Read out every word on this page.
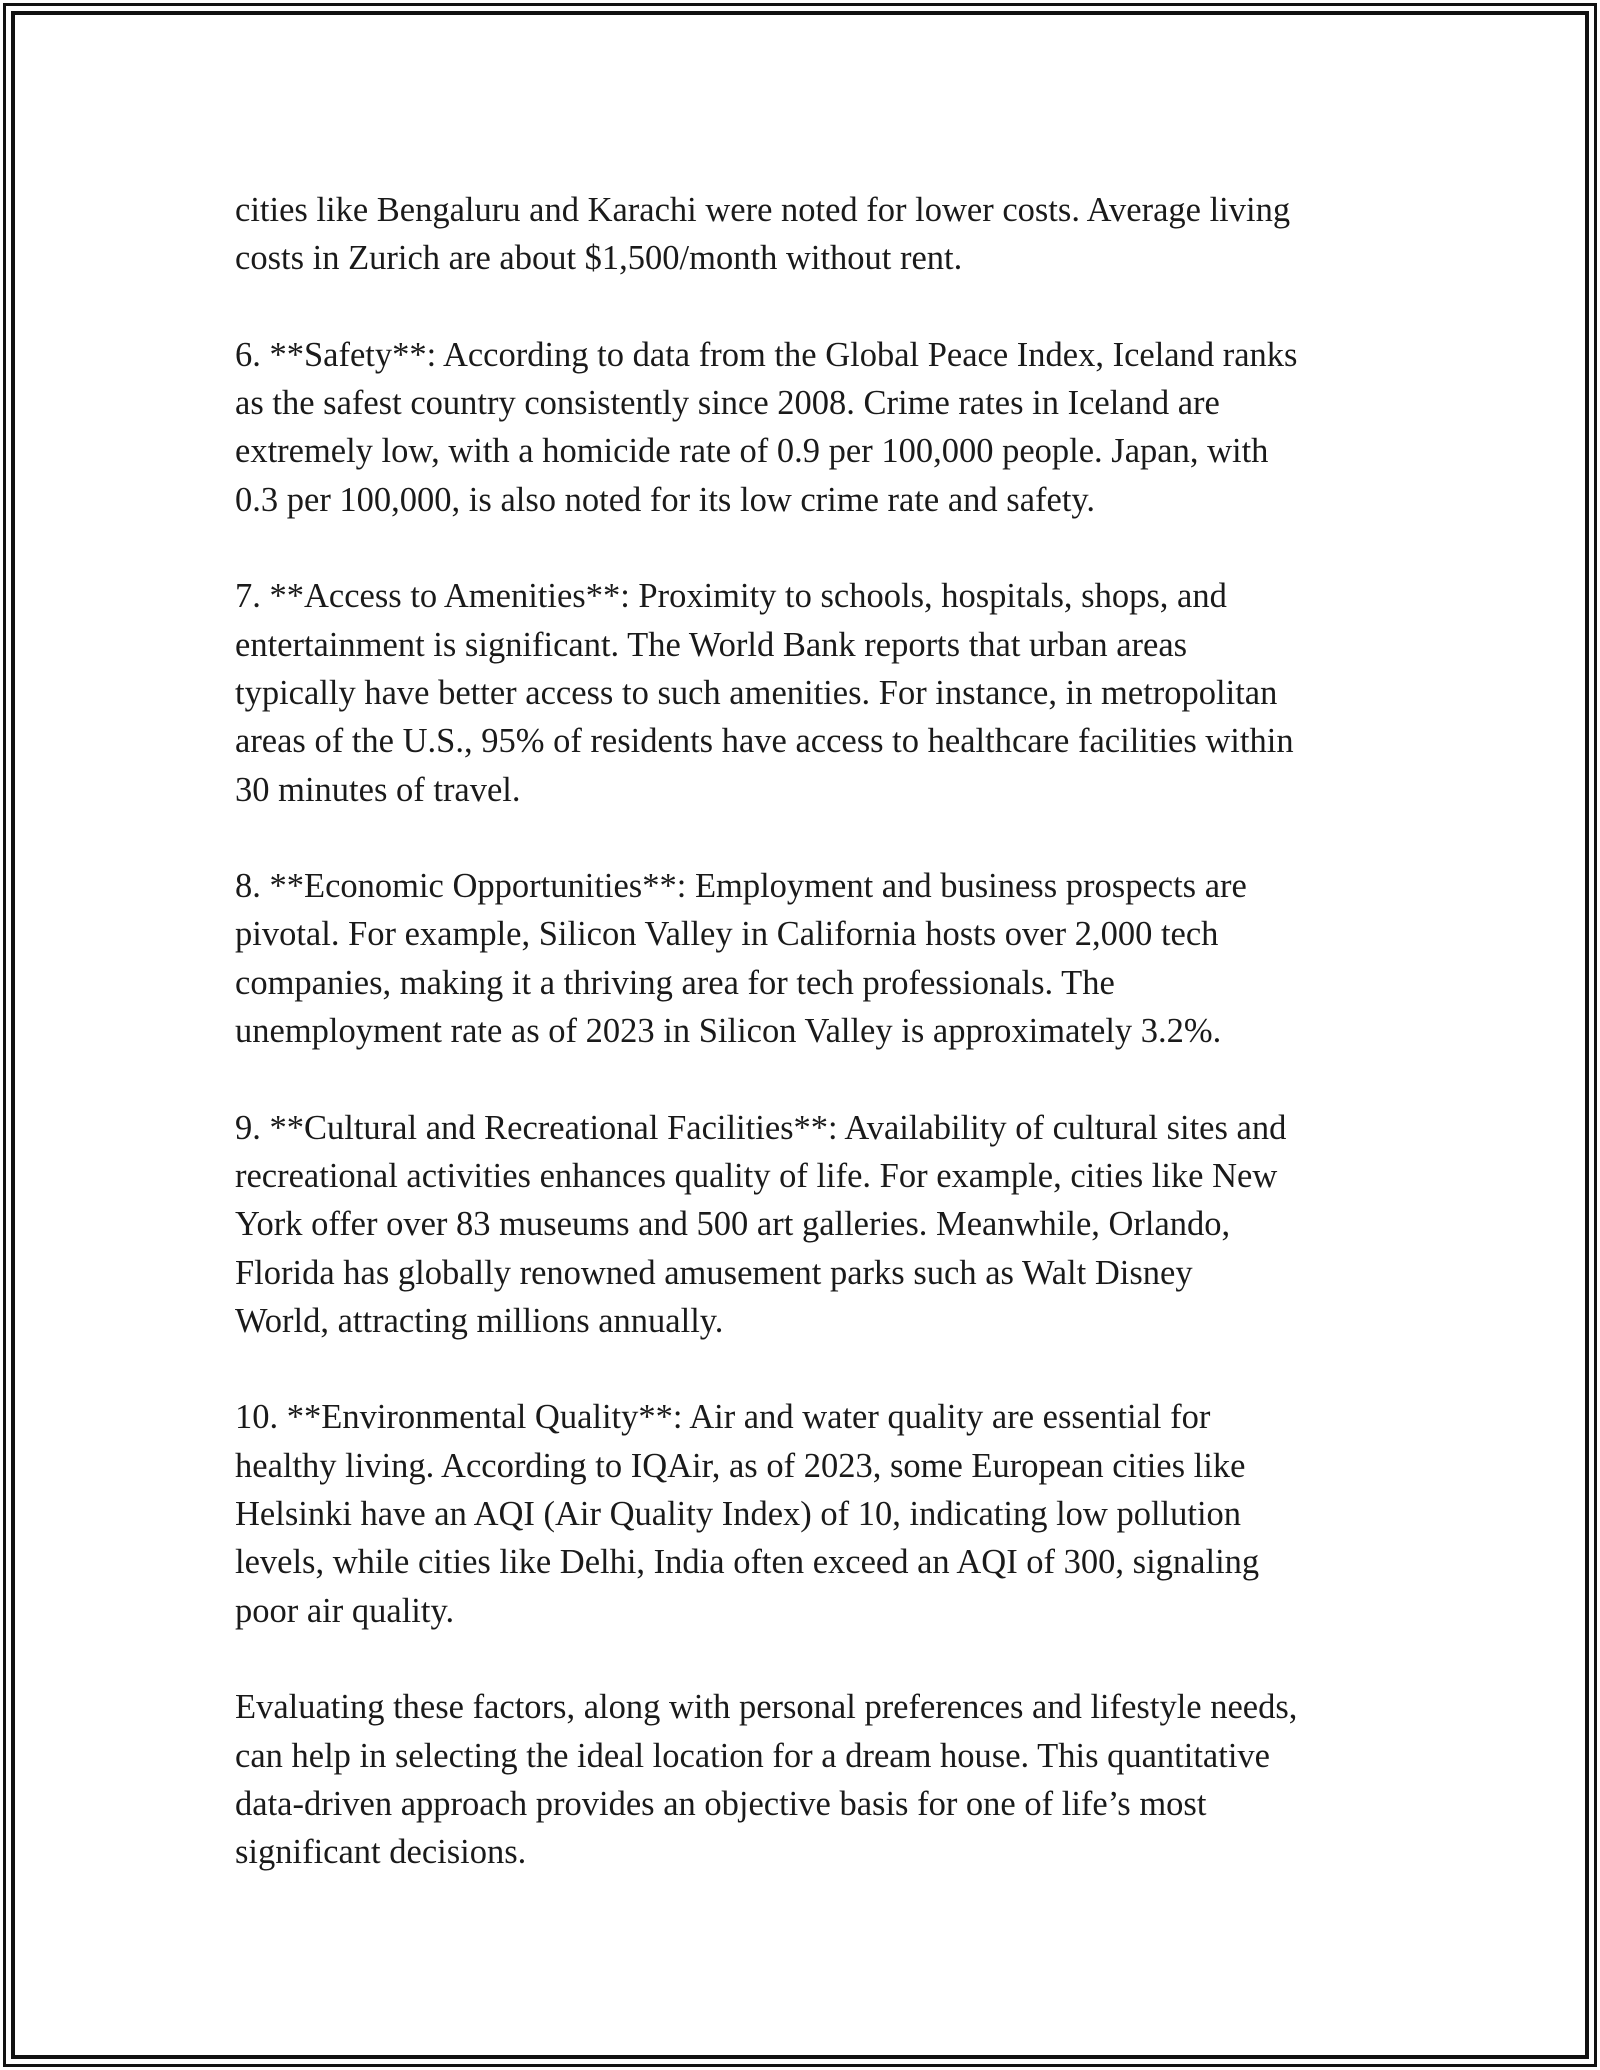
cities like Bengaluru and Karachi were noted for lower costs. Average living
costs in Zurich are about $1,500/month without rent.

6. **Safety**: According to data from the Global Peace Index, Iceland ranks
as the safest country consistently since 2008. Crime rates in Iceland are
extremely low, with a homicide rate of 0.9 per 100,000 people. Japan, with
0.3 per 100,000, is also noted for its low crime rate and safety.

7. **Access to Amenities**: Proximity to schools, hospitals, shops, and
entertainment is significant. The World Bank reports that urban areas
typically have better access to such amenities. For instance, in metropolitan
areas of the U.S., 95% of residents have access to healthcare facilities within
30 minutes of travel.

8. **Economic Opportunities**: Employment and business prospects are
pivotal. For example, Silicon Valley in California hosts over 2,000 tech
companies, making it a thriving area for tech professionals. The
unemployment rate as of 2023 in Silicon Valley is approximately 3.2%.

9. **Cultural and Recreational Facilities**: Availability of cultural sites and
recreational activities enhances quality of life. For example, cities like New
York offer over 83 museums and 500 art galleries. Meanwhile, Orlando,
Florida has globally renowned amusement parks such as Walt Disney
World, attracting millions annually.

10. **Environmental Quality**: Air and water quality are essential for
healthy living. According to IQAir, as of 2023, some European cities like
Helsinki have an AQI (Air Quality Index) of 10, indicating low pollution
levels, while cities like Delhi, India often exceed an AQI of 300, signaling
poor air quality.

Evaluating these factors, along with personal preferences and lifestyle needs,
can help in selecting the ideal location for a dream house. This quantitative
data-driven approach provides an objective basis for one of life’s most
significant decisions.
